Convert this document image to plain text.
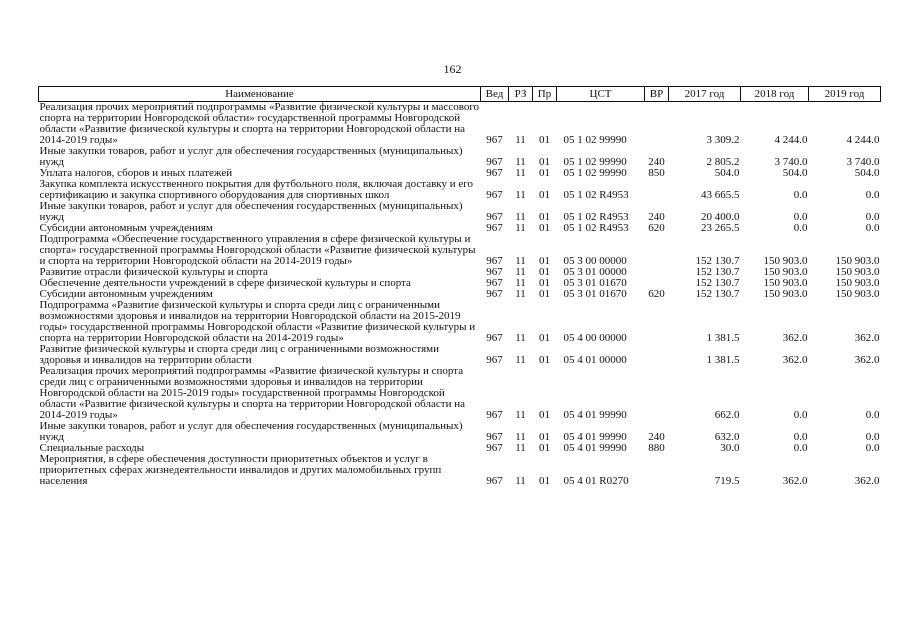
162
Наименование	Вед	РЗ	Пр	ЦСТ	ВР	2017 год	2018 год	2019 год
Реализация прочих мероприятий подпрограммы «Развитие физической культуры и массового спорта на территории Новгородской области» государственной программы Новгородской области «Развитие физической культуры и спорта на территории Новгородской области на 2014-2019 годы»	967	11	01	05 1 02 99990		3 309.2	4 244.0	4 244.0
Иные закупки товаров, работ и услуг для обеспечения государственных (муниципальных) нужд	967	11	01	05 1 02 99990	240	2 805.2	3 740.0	3 740.0
Уплата налогов, сборов и иных платежей	967	11	01	05 1 02 99990	850	504.0	504.0	504.0
Закупка комплекта искусственного покрытия для футбольного поля, включая доставку и его сертификацию и закупка спортивного оборудования для спортивных школ	967	11	01	05 1 02 R4953		43 665.5	0.0	0.0
Иные закупки товаров, работ и услуг для обеспечения государственных (муниципальных) нужд	967	11	01	05 1 02 R4953	240	20 400.0	0.0	0.0
Субсидии автономным учреждениям	967	11	01	05 1 02 R4953	620	23 265.5	0.0	0.0
Подпрограмма «Обеспечение государственного управления в сфере физической культуры и спорта» государственной программы Новгородской области «Развитие физической культуры и спорта на территории Новгородской области на 2014-2019 годы»	967	11	01	05 3 00 00000		152 130.7	150 903.0	150 903.0
Развитие отрасли физической культуры и спорта	967	11	01	05 3 01 00000		152 130.7	150 903.0	150 903.0
Обеспечение деятельности учреждений в сфере физической культуры и спорта	967	11	01	05 3 01 01670		152 130.7	150 903.0	150 903.0
Субсидии автономным учреждениям	967	11	01	05 3 01 01670	620	152 130.7	150 903.0	150 903.0
Подпрограмма «Развитие физической культуры и спорта среди лиц с ограниченными возможностями здоровья и инвалидов на территории Новгородской области на 2015-2019 годы» государственной программы Новгородской области «Развитие физической культуры и спорта на территории Новгородской области на 2014-2019 годы»	967	11	01	05 4 00 00000		1 381.5	362.0	362.0
Развитие физической культуры и спорта среди лиц с ограниченными возможностями здоровья и инвалидов на территории области	967	11	01	05 4 01 00000		1 381.5	362.0	362.0
Реализация прочих мероприятий подпрограммы «Развитие физической культуры и спорта среди лиц с ограниченными возможностями здоровья и инвалидов на территории Новгородской области на 2015-2019 годы» государственной программы Новгородской области «Развитие физической культуры и спорта на территории Новгородской области на 2014-2019 годы»	967	11	01	05 4 01 99990		662.0	0.0	0.0
Иные закупки товаров, работ и услуг для обеспечения государственных (муниципальных) нужд	967	11	01	05 4 01 99990	240	632.0	0.0	0.0
Специальные расходы	967	11	01	05 4 01 99990	880	30.0	0.0	0.0
Мероприятия, в сфере обеспечения доступности приоритетных объектов и услуг в приоритетных сферах жизнедеятельности инвалидов и других маломобильных групп населения	967	11	01	05 4 01 R0270		719.5	362.0	362.0
